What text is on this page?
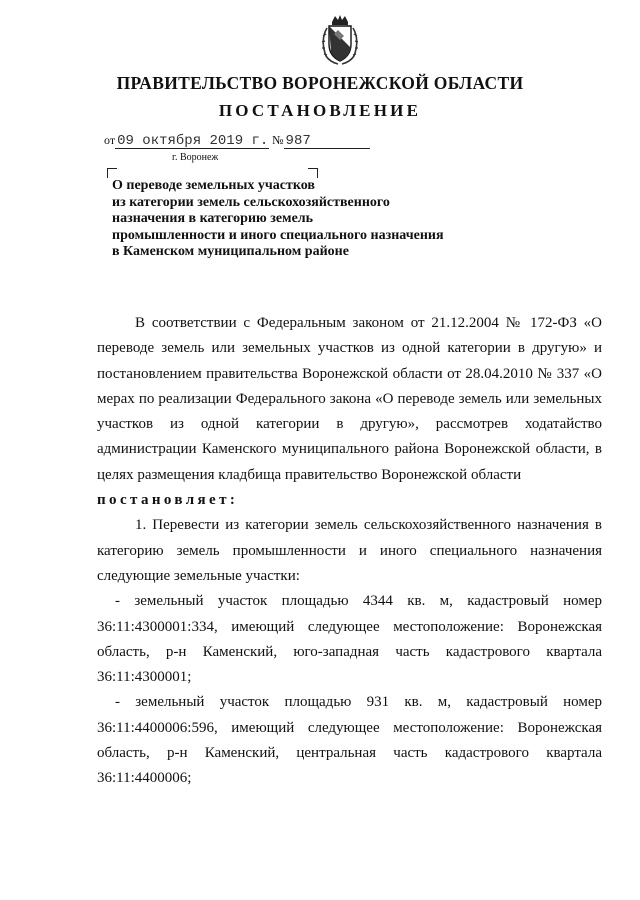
ПРАВИТЕЛЬСТВО ВОРОНЕЖСКОЙ ОБЛАСТИ
ПОСТАНОВЛЕНИЕ
от 09 октября 2019 г. № 987
г. Воронеж
О переводе земельных участков
из категории земель сельскохозяйственного
назначения в категорию земель
промышленности и иного специального назначения
в Каменском муниципальном районе

В соответствии с Федеральным законом от 21.12.2004 № 172-ФЗ «О переводе земель или земельных участков из одной категории в другую» и постановлением правительства Воронежской области от 28.04.2010 № 337 «О мерах по реализации Федерального закона «О переводе земель или земельных участков из одной категории в другую», рассмотрев ходатайство администрации Каменского муниципального района Воронежской области, в целях размещения кладбища правительство Воронежской области

постановляет:

1. Перевести из категории земель сельскохозяйственного назначения в категорию земель промышленности и иного специального назначения следующие земельные участки:

- земельный участок площадью 4344 кв. м, кадастровый номер 36:11:4300001:334, имеющий следующее местоположение: Воронежская область, р-н Каменский, юго-западная часть кадастрового квартала 36:11:4300001;

- земельный участок площадью 931 кв. м, кадастровый номер 36:11:4400006:596, имеющий следующее местоположение: Воронежская область, р-н Каменский, центральная часть кадастрового квартала 36:11:4400006;
